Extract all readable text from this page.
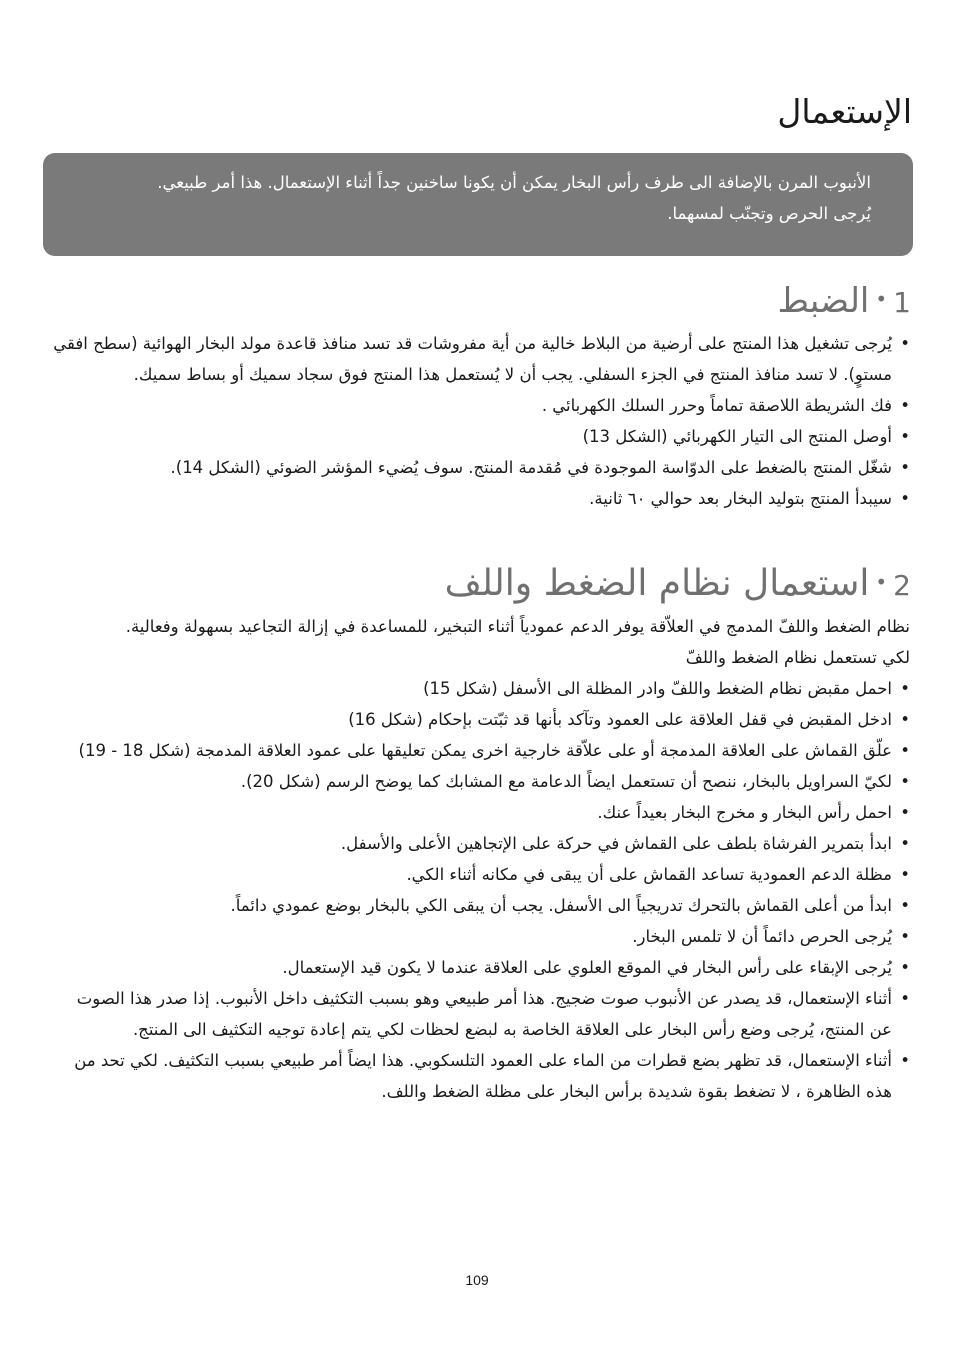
الإستعمال

الأنبوب المرن بالإضافة الى طرف رأس البخار يمكن أن يكونا ساخنين جداً أثناء الإستعمال. هذا أمر طبيعي.

يُرجى الحرص وتجنّب لمسهما.

1
•
الضبط
• يُرجى تشغيل هذا المنتج على أرضية من البلاط خالية من أية مفروشات قد تسد منافذ قاعدة مولد البخار الهوائية (سطح افقي مستوٍ). لا تسد منافذ المنتج في الجزء السفلي. يجب أن لا يُستعمل هذا المنتج فوق سجاد سميك أو بساط سميك.
• فك الشريطة اللاصقة تماماً وحرر السلك الكهربائي .
• أوصل المنتج الى التيار الكهربائي (الشكل 13)
• شغّل المنتج بالضغط على الدوّاسة الموجودة في مُقدمة المنتج. سوف يُضيء المؤشر الضوئي (الشكل 14).
• سيبدأ المنتج بتوليد البخار بعد حوالي ٦٠ ثانية.
2
•
استعمال نظام الضغط واللف

نظام الضغط واللفّ المدمج في العلاّقة يوفر الدعم عمودياً أثناء التبخير، للمساعدة في إزالة التجاعيد بسهولة وفعالية.

لكي تستعمل نظام الضغط واللفّ

• احمل مقبض نظام الضغط واللفّ وادر المظلة الى الأسفل (شكل 15)
• ادخل المقبض في قفل العلاقة على العمود وتآكد بأنها قد ثبّتت بإحكام (شكل 16)
• علّق القماش على العلاقة المدمجة أو على علاّقة خارجية اخرى يمكن تعليقها على عمود العلاقة المدمجة (شكل 18 - 19)
• لكيّ السراويل بالبخار، ننصح أن تستعمل ايضاً الدعامة مع المشابك كما يوضح الرسم (شكل 20).
• احمل رأس البخار و مخرج البخار بعيداً عنك.
• ابدأ بتمرير الفرشاة بلطف على القماش في حركة على الإتجاهين الأعلى والأسفل.
• مظلة الدعم العمودية تساعد القماش على أن يبقى في مكانه أثناء الكي.
• ابدأ من أعلى القماش بالتحرك تدريجياً الى الأسفل. يجب أن يبقى الكي بالبخار بوضع عمودي دائماً.
• يُرجى الحرص دائماً أن لا تلمس البخار.
• يُرجى الإبقاء على رأس البخار في الموقع العلوي على العلاقة عندما لا يكون قيد الإستعمال.
• أثناء الإستعمال، قد يصدر عن الأنبوب صوت ضجيج. هذا أمر طبيعي وهو بسبب التكثيف داخل الأنبوب. إذا صدر هذا الصوت عن المنتج، يُرجى وضع رأس البخار على العلاقة الخاصة به لبضع لحظات لكي يتم إعادة توجيه التكثيف الى المنتج.
• أثناء الإستعمال، قد تظهر بضع قطرات من الماء على العمود التلسكوبي. هذا ايضاً أمر طبيعي بسبب التكثيف. لكي تحد من هذه الظاهرة ، لا تضغط بقوة شديدة برأس البخار على مظلة الضغط واللف.
109
